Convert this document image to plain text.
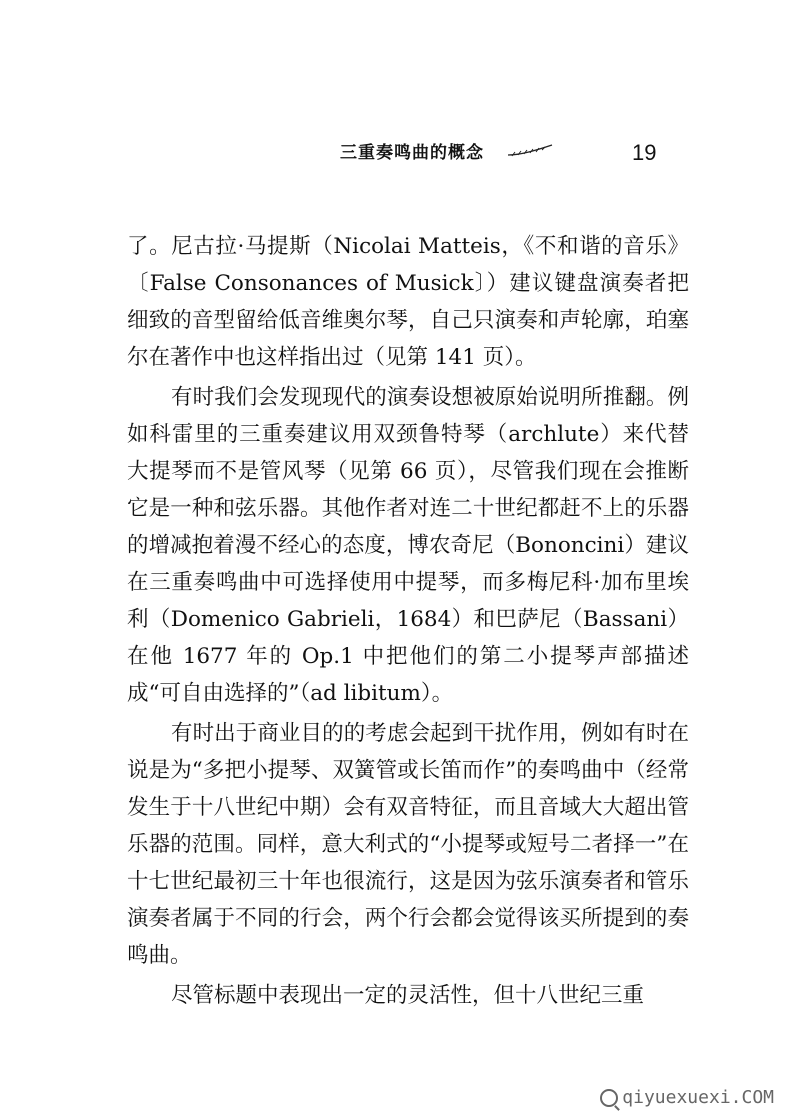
三重奏鸣曲的概念	19

了。尼古拉·马提斯（Nicolai Matteis，《不和谐的音乐》〔False Consonances of Musick〕）建议键盘演奏者把细致的音型留给低音维奥尔琴，自己只演奏和声轮廓，珀塞尔在著作中也这样指出过（见第 141 页）。

有时我们会发现现代的演奏设想被原始说明所推翻。例如科雷里的三重奏建议用双颈鲁特琴（archlute）来代替大提琴而不是管风琴（见第 66 页），尽管我们现在会推断它是一种和弦乐器。其他作者对连二十世纪都赶不上的乐器的增减抱着漫不经心的态度，博农奇尼（Bononcini）建议在三重奏鸣曲中可选择使用中提琴，而多梅尼科·加布里埃利（Domenico Gabrieli，1684）和巴萨尼（Bassani）在他 1677 年的 Op.1 中把他们的第二小提琴声部描述成“可自由选择的”（ad libitum）。

有时出于商业目的的考虑会起到干扰作用，例如有时在说是为“多把小提琴、双簧管或长笛而作”的奏鸣曲中（经常发生于十八世纪中期）会有双音特征，而且音域大大超出管乐器的范围。同样，意大利式的“小提琴或短号二者择一”在十七世纪最初三十年也很流行，这是因为弦乐演奏者和管乐演奏者属于不同的行会，两个行会都会觉得该买所提到的奏鸣曲。

尽管标题中表现出一定的灵活性，但十八世纪三重

qiyuexuexi.COM
